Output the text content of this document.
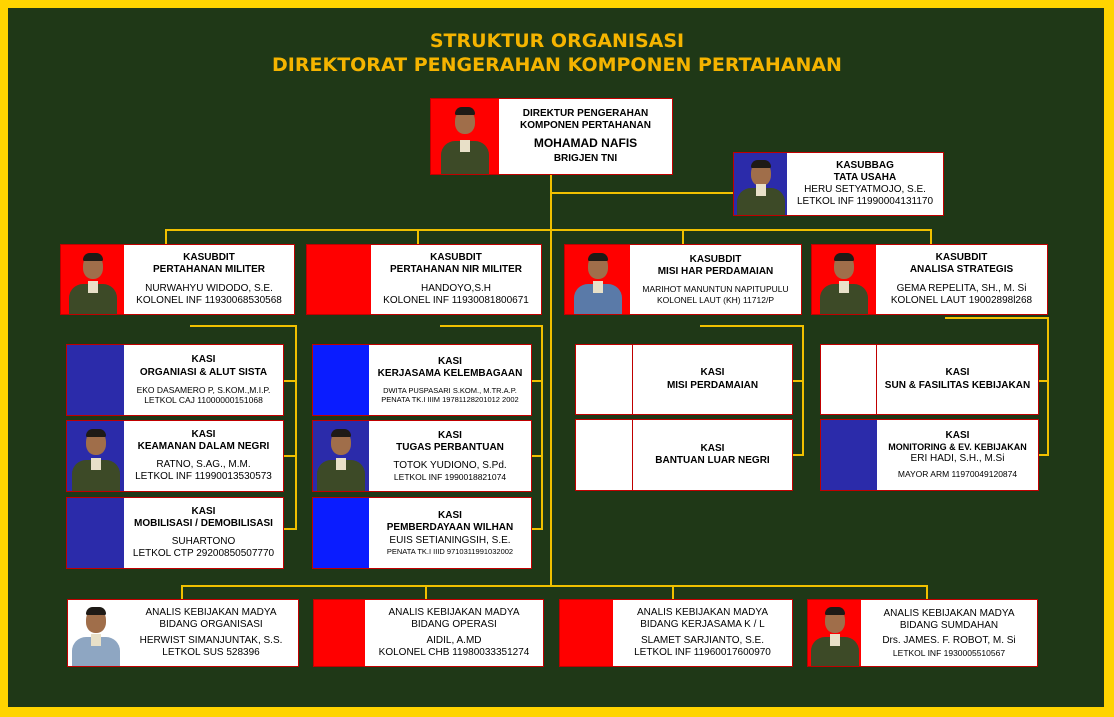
STRUKTUR ORGANISASI
DIREKTORAT PENGERAHAN KOMPONEN PERTAHANAN
DIREKTUR PENGERAHAN
KOMPONEN PERTAHANAN
MOHAMAD NAFIS
BRIGJEN TNI
KASUBBAG
TATA USAHA
HERU SETYATMOJO, S.E.
LETKOL INF 11990004131170
KASUBDIT
PERTAHANAN MILITER
NURWAHYU WIDODO, S.E.
KOLONEL INF 11930068530568
KASUBDIT
PERTAHANAN NIR MILITER
HANDOYO,S.H
KOLONEL INF 11930081800671
KASUBDIT
MISI HAR PERDAMAIAN
MARIHOT MANUNTUN NAPITUPULU
KOLONEL LAUT (KH) 11712/P
KASUBDIT
ANALISA STRATEGIS
GEMA REPELITA, SH., M. Si
KOLONEL LAUT 19002898l268
KASI
ORGANIASI & ALUT SISTA
EKO DASAMERO P, S.KOM.,M.I.P.
LETKOL CAJ 11000000151068
KASI
KEAMANAN DALAM NEGRI
RATNO, S.AG., M.M.
LETKOL INF 11990013530573
KASI
MOBILISASI / DEMOBILISASI
SUHARTONO
LETKOL CTP 29200850507770
KASI
KERJASAMA KELEMBAGAAN
DWITA PUSPASARI S.KOM., M.TR.A.P.
PENATA TK.I IIIM 19781128201012 2002
KASI
TUGAS PERBANTUAN
TOTOK YUDIONO, S.Pd.
LETKOL INF 1990018821074
KASI
PEMBERDAYAAN WILHAN
EUIS SETIANINGSIH, S.E.
PENATA TK.I IIID 9710311991032002
KASI
MISI PERDAMAIAN
KASI
BANTUAN LUAR NEGRI
KASI
SUN & FASILITAS KEBIJAKAN
KASI
MONITORING & EV. KEBIJAKAN
ERI HADI, S.H., M.Si
MAYOR ARM 11970049120874
ANALIS KEBIJAKAN MADYA
BIDANG ORGANISASI
HERWIST SIMANJUNTAK, S.S.
LETKOL SUS 528396
ANALIS KEBIJAKAN MADYA
BIDANG OPERASI
AIDIL, A.MD
KOLONEL CHB 11980033351274
ANALIS KEBIJAKAN MADYA
BIDANG KERJASAMA K / L
SLAMET SARJIANTO, S.E.
LETKOL INF 11960017600970
ANALIS KEBIJAKAN MADYA
BIDANG SUMDAHAN
Drs. JAMES. F. ROBOT, M. Si
LETKOL INF 1930005510567
